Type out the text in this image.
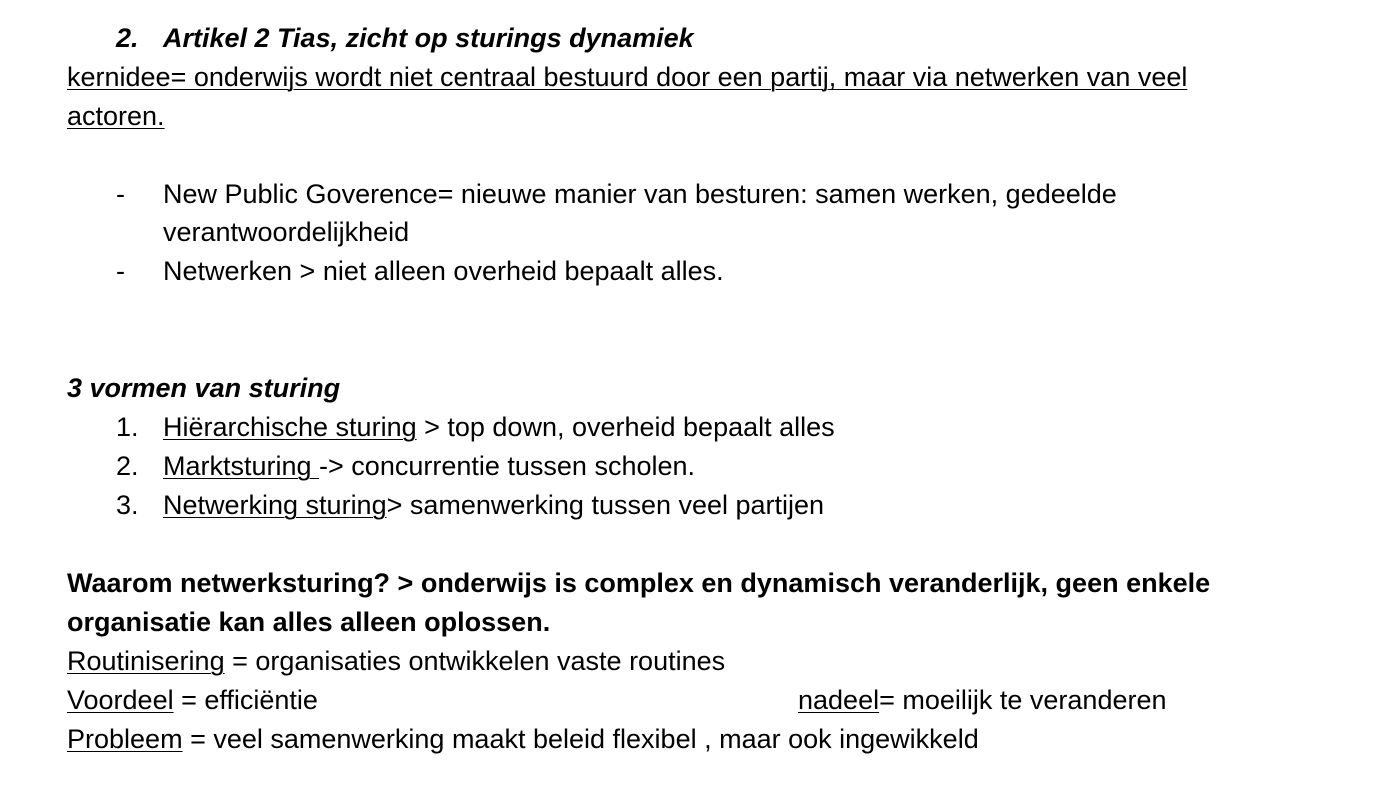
2. Artikel 2 Tias, zicht op sturings dynamiek
kernidee= onderwijs wordt niet centraal bestuurd door een partij, maar via netwerken van veel
actoren.
- New Public Goverence= nieuwe manier van besturen: samen werken, gedeelde
verantwoordelijkheid
- Netwerken > niet alleen overheid bepaalt alles.
3 vormen van sturing
1. Hiërarchische sturing > top down, overheid bepaalt alles
2. Marktsturing -> concurrentie tussen scholen.
3. Netwerking sturing> samenwerking tussen veel partijen
Waarom netwerksturing? > onderwijs is complex en dynamisch veranderlijk, geen enkele
organisatie kan alles alleen oplossen.
Routinisering = organisaties ontwikkelen vaste routines
Voordeel = efficiëntie	nadeel= moeilijk te veranderen
Probleem = veel samenwerking maakt beleid flexibel , maar ook ingewikkeld
